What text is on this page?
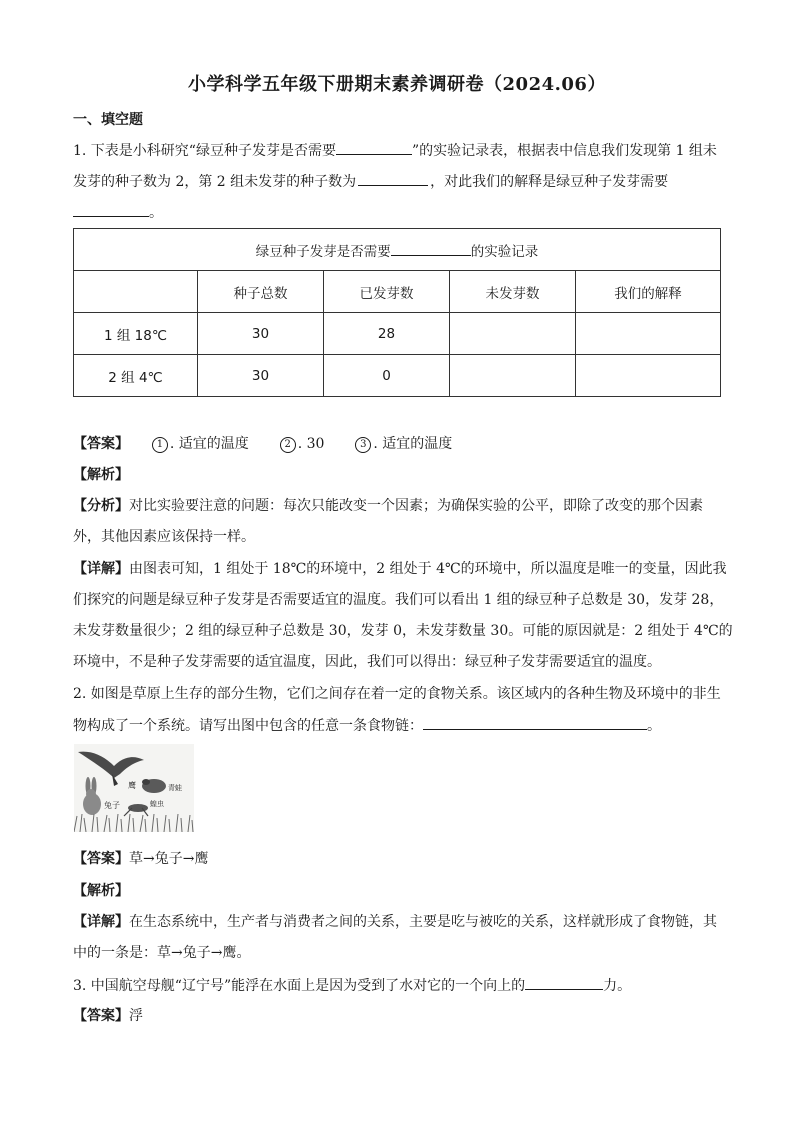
小学科学五年级下册期末素养调研卷（2024.06）
一、填空题
1. 下表是小科研究“绿豆种子发芽是否需要	”的实验记录表，根据表中信息我们发现第 1 组未
发芽的种子数为 2，第 2 组未发芽的种子数为	，对此我们的解释是绿豆种子发芽需要
。
绿豆种子发芽是否需要 的实验记录				
	种子总数	已发芽数	未发芽数	我们的解释
1 组 18℃	30	28		
2 组 4℃	30	0		
【答案】	1 . 适宜的温度	2 . 30	3 . 适宜的温度
【解析】
【分析】对比实验要注意的问题：每次只能改变一个因素；为确保实验的公平，即除了改变的那个因素
外，其他因素应该保持一样。
【详解】由图表可知，1 组处于 18℃的环境中，2 组处于 4℃的环境中，所以温度是唯一的变量，因此我
们探究的问题是绿豆种子发芽是否需要适宜的温度。我们可以看出 1 组的绿豆种子总数是 30，发芽 28，
未发芽数量很少；2 组的绿豆种子总数是 30，发芽 0，未发芽数量 30。可能的原因就是：2 组处于 4℃的
环境中，不是种子发芽需要的适宜温度，因此，我们可以得出：绿豆种子发芽需要适宜的温度。
2. 如图是草原上生存的部分生物，它们之间存在着一定的食物关系。该区域内的各种生物及环境中的非生
物构成了一个系统。请写出图中包含的任意一条食物链：	。
鹰	青蛙
兔子	蝗虫
【答案】草→兔子→鹰
【解析】
【详解】在生态系统中，生产者与消费者之间的关系，主要是吃与被吃的关系，这样就形成了食物链，其
中的一条是：草→兔子→鹰。
3. 中国航空母舰“辽宁号”能浮在水面上是因为受到了水对它的一个向上的	力。
【答案】浮
